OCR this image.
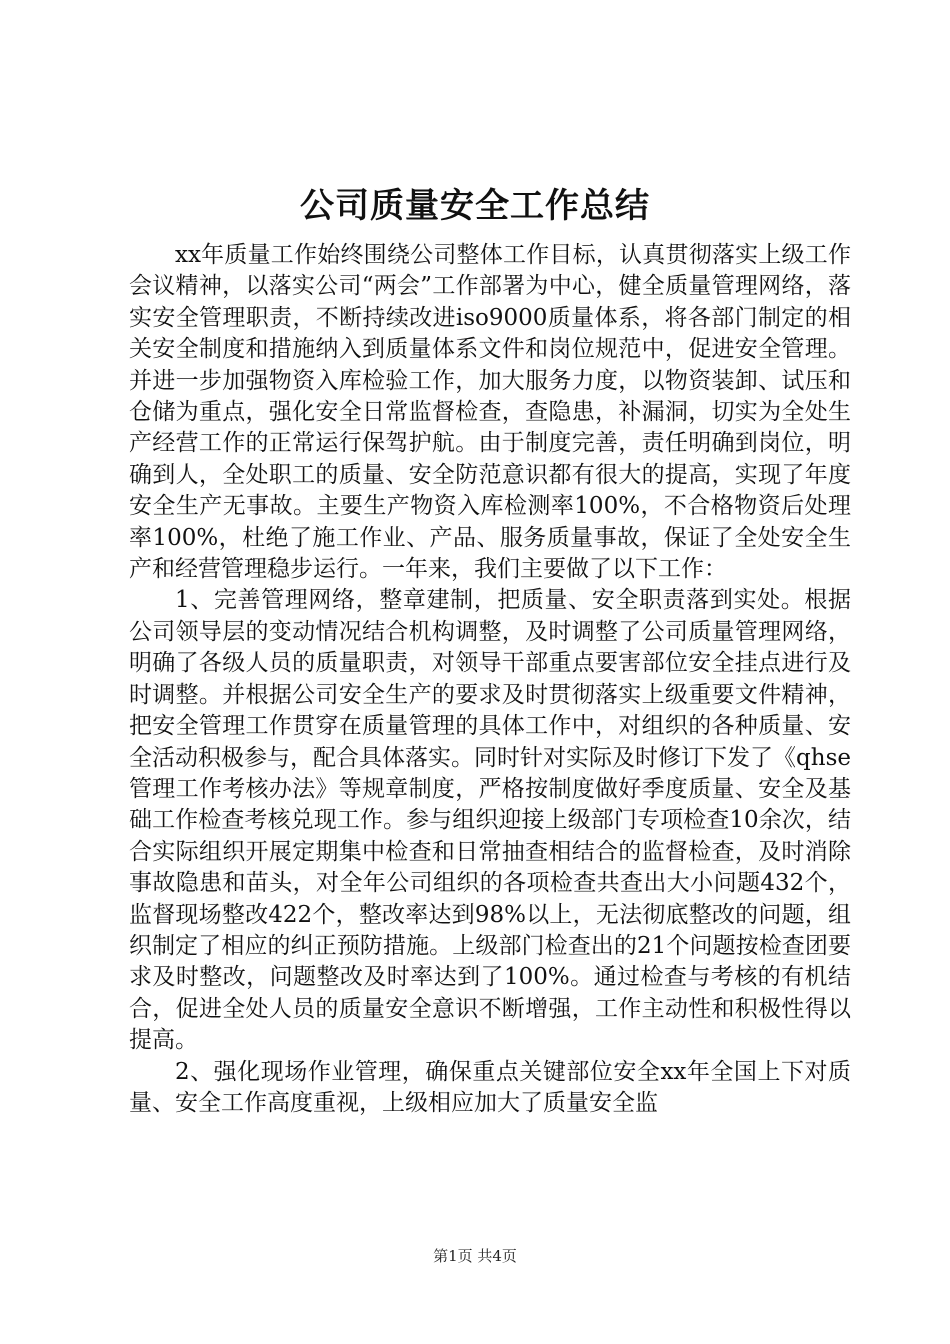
公司质量安全工作总结

xx年质量工作始终围绕公司整体工作目标，认真贯彻落实上级工作会议精神，以落实公司“两会”工作部署为中心，健全质量管理网络，落实安全管理职责，不断持续改进iso9000质量体系，将各部门制定的相关安全制度和措施纳入到质量体系文件和岗位规范中，促进安全管理。并进一步加强物资入库检验工作，加大服务力度，以物资装卸、试压和仓储为重点，强化安全日常监督检查，查隐患，补漏洞，切实为全处生产经营工作的正常运行保驾护航。由于制度完善，责任明确到岗位，明确到人，全处职工的质量、安全防范意识都有很大的提高，实现了年度安全生产无事故。主要生产物资入库检测率100%，不合格物资后处理率100%，杜绝了施工作业、产品、服务质量事故，保证了全处安全生产和经营管理稳步运行。一年来，我们主要做了以下工作：

1、完善管理网络，整章建制，把质量、安全职责落到实处。根据公司领导层的变动情况结合机构调整，及时调整了公司质量管理网络，明确了各级人员的质量职责，对领导干部重点要害部位安全挂点进行及时调整。并根据公司安全生产的要求及时贯彻落实上级重要文件精神，把安全管理工作贯穿在质量管理的具体工作中，对组织的各种质量、安全活动积极参与，配合具体落实。同时针对实际及时修订下发了《qhse管理工作考核办法》等规章制度，严格按制度做好季度质量、安全及基础工作检查考核兑现工作。参与组织迎接上级部门专项检查10余次，结合实际组织开展定期集中检查和日常抽查相结合的监督检查，及时消除事故隐患和苗头，对全年公司组织的各项检查共查出大小问题432个，监督现场整改422个，整改率达到98%以上，无法彻底整改的问题，组织制定了相应的纠正预防措施。上级部门检查出的21个问题按检查团要求及时整改，问题整改及时率达到了100%。通过检查与考核的有机结合，促进全处人员的质量安全意识不断增强，工作主动性和积极性得以提高。

2、强化现场作业管理，确保重点关键部位安全xx年全国上下对质量、安全工作高度重视，上级相应加大了质量安全监

第1页 共4页
